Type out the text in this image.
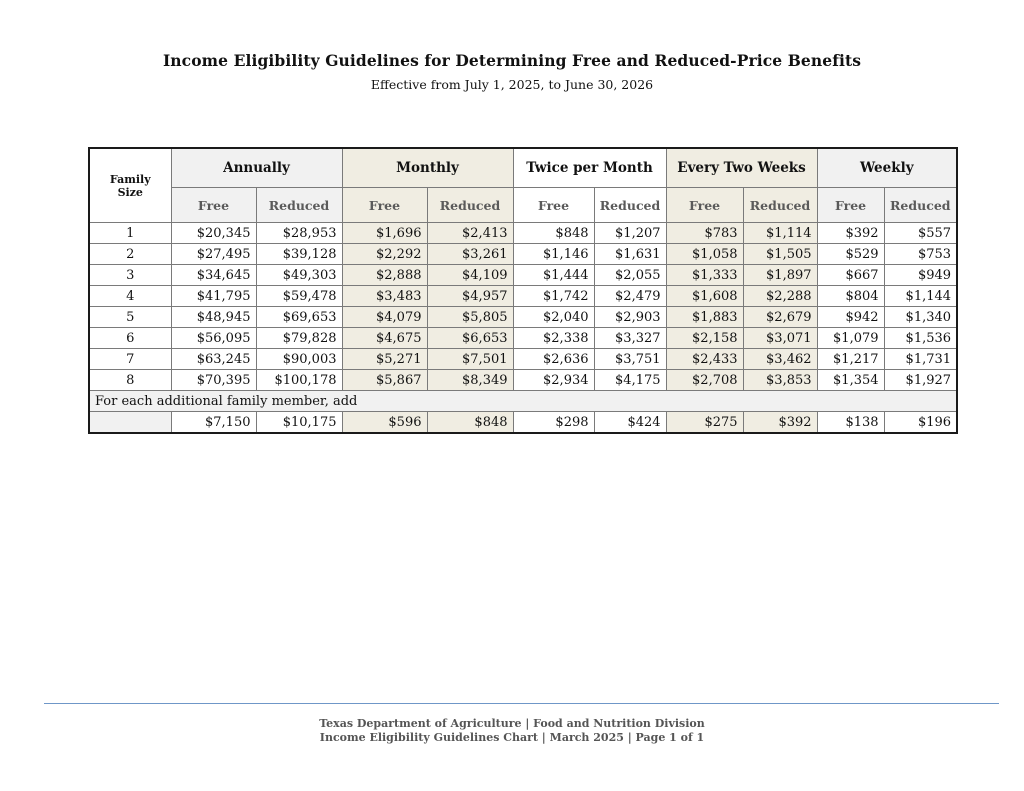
Income Eligibility Guidelines for Determining Free and Reduced-Price Benefits
Effective from July 1, 2025, to June 30, 2026
Family Size	Annually		Monthly		Twice per Month		Every Two Weeks		Weekly	
	Free	Reduced	Free	Reduced	Free	Reduced	Free	Reduced	Free	Reduced
1	$20,345	$28,953	$1,696	$2,413	$848	$1,207	$783	$1,114	$392	$557
2	$27,495	$39,128	$2,292	$3,261	$1,146	$1,631	$1,058	$1,505	$529	$753
3	$34,645	$49,303	$2,888	$4,109	$1,444	$2,055	$1,333	$1,897	$667	$949
4	$41,795	$59,478	$3,483	$4,957	$1,742	$2,479	$1,608	$2,288	$804	$1,144
5	$48,945	$69,653	$4,079	$5,805	$2,040	$2,903	$1,883	$2,679	$942	$1,340
6	$56,095	$79,828	$4,675	$6,653	$2,338	$3,327	$2,158	$3,071	$1,079	$1,536
7	$63,245	$90,003	$5,271	$7,501	$2,636	$3,751	$2,433	$3,462	$1,217	$1,731
8	$70,395	$100,178	$5,867	$8,349	$2,934	$4,175	$2,708	$3,853	$1,354	$1,927
For each additional family member, add										
	$7,150	$10,175	$596	$848	$298	$424	$275	$392	$138	$196
Texas Department of Agriculture | Food and Nutrition Division
Income Eligibility Guidelines Chart | March 2025 | Page 1 of 1
